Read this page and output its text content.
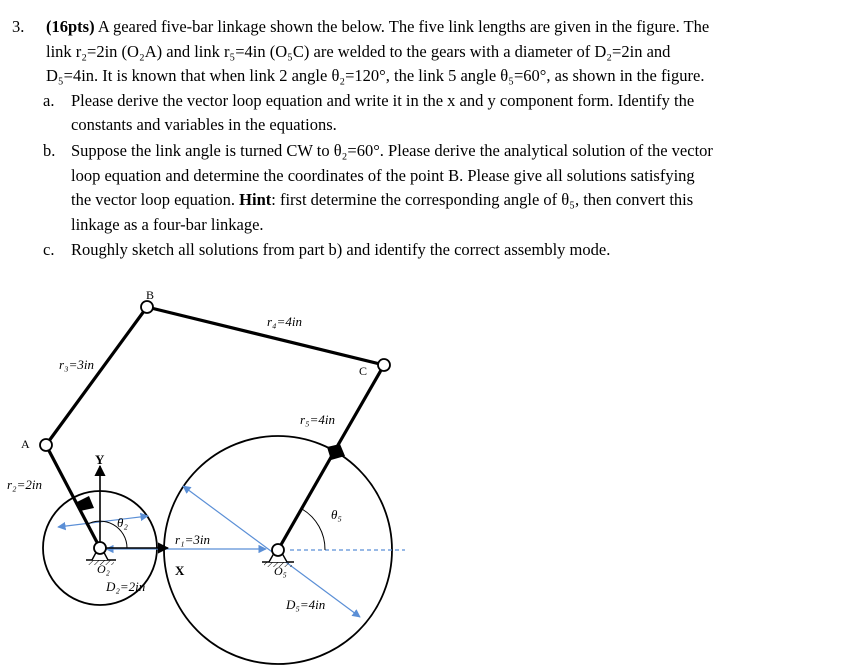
3. (16pts) A geared five-bar linkage shown the below. The five link lengths are given in the figure. The
link r₂=2in (O₂A) and link r₅=4in (O₅C) are welded to the gears with a diameter of D₂=2in and
D₅=4in. It is known that when link 2 angle θ₂=120°, the link 5 angle θ₅=60°, as shown in the figure.
a. Please derive the vector loop equation and write it in the x and y component form. Identify the
constants and variables in the equations.
b. Suppose the link angle is turned CW to θ₂=60°. Please derive the analytical solution of the vector
loop equation and determine the coordinates of the point B. Please give all solutions satisfying
the vector loop equation. Hint: first determine the corresponding angle of θ₅, then convert this
linkage as a four-bar linkage.
c. Roughly sketch all solutions from part b) and identify the correct assembly mode.
B
A
C
r₄=4in
r₃=3in
r₅=4in
r₂=2in
r₁=3in
θ₂
θ₅
O₂	O₅
D₂=2in
D₅=4in
Y
X
